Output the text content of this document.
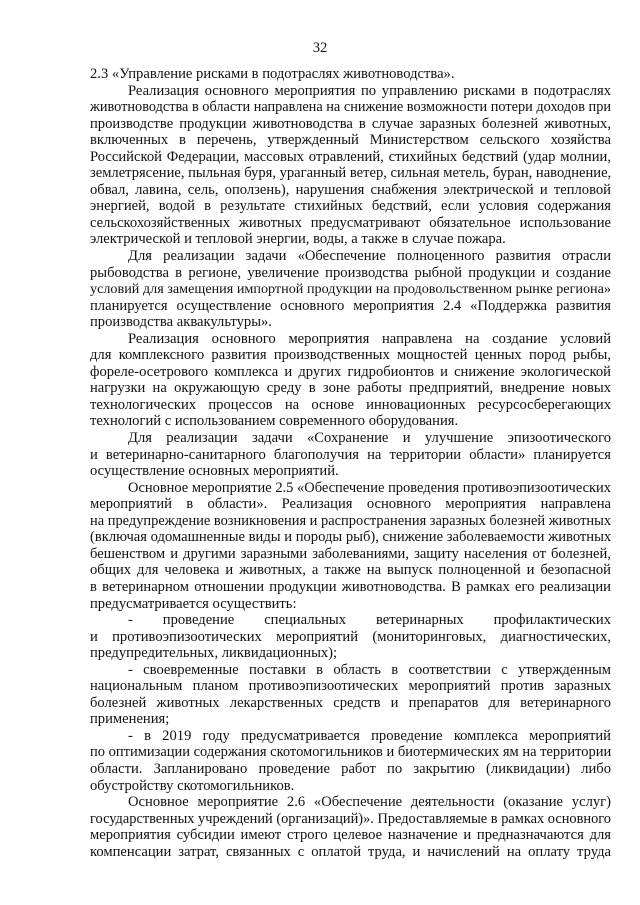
32
2.3 «Управление рисками в подотраслях животноводства».
Реализация основного мероприятия по управлению рисками в подотраслях
животноводства в области направлена на снижение возможности потери доходов при
производстве продукции животноводства в случае заразных болезней животных,
включенных в перечень, утвержденный Министерством сельского хозяйства
Российской Федерации, массовых отравлений, стихийных бедствий (удар молнии,
землетрясение, пыльная буря, ураганный ветер, сильная метель, буран, наводнение,
обвал, лавина, сель, оползень), нарушения снабжения электрической и тепловой
энергией, водой в результате стихийных бедствий, если условия содержания
сельскохозяйственных животных предусматривают обязательное использование
электрической и тепловой энергии, воды, а также в случае пожара.
Для реализации задачи «Обеспечение полноценного развития отрасли
рыбоводства в регионе, увеличение производства рыбной продукции и создание
условий для замещения импортной продукции на продовольственном рынке региона»
планируется осуществление основного мероприятия 2.4 «Поддержка развития
производства аквакультуры».
Реализация основного мероприятия направлена на создание условий
для комплексного развития производственных мощностей ценных пород рыбы,
форелe-осетрового комплекса и других гидробионтов и снижение экологической
нагрузки на окружающую среду в зоне работы предприятий, внедрение новых
технологических процессов на основе инновационных ресурсосберегающих
технологий с использованием современного оборудования.
Для реализации задачи «Сохранение и улучшение эпизоотического
и ветеринарно-санитарного благополучия на территории области» планируется
осуществление основных мероприятий.
Основное мероприятие 2.5 «Обеспечение проведения противоэпизоотических
мероприятий в области». Реализация основного мероприятия направлена
на предупреждение возникновения и распространения заразных болезней животных
(включая одомашненные виды и породы рыб), снижение заболеваемости животных
бешенством и другими заразными заболеваниями, защиту населения от болезней,
общих для человека и животных, а также на выпуск полноценной и безопасной
в ветеринарном отношении продукции животноводства. В рамках его реализации
предусматривается осуществить:
- проведение специальных ветеринарных профилактических
и противоэпизоотических мероприятий (мониторинговых, диагностических,
предупредительных, ликвидационных);
- своевременные поставки в область в соответствии с утвержденным
национальным планом противоэпизоотических мероприятий против заразных
болезней животных лекарственных средств и препаратов для ветеринарного
применения;
- в 2019 году предусматривается проведение комплекса мероприятий
по оптимизации содержания скотомогильников и биотермических ям на территории
области. Запланировано проведение работ по закрытию (ликвидации) либо
обустройству скотомогильников.
Основное мероприятие 2.6 «Обеспечение деятельности (оказание услуг)
государственных учреждений (организаций)». Предоставляемые в рамках основного
мероприятия субсидии имеют строго целевое назначение и предназначаются для
компенсации затрат, связанных с оплатой труда, и начислений на оплату труда
